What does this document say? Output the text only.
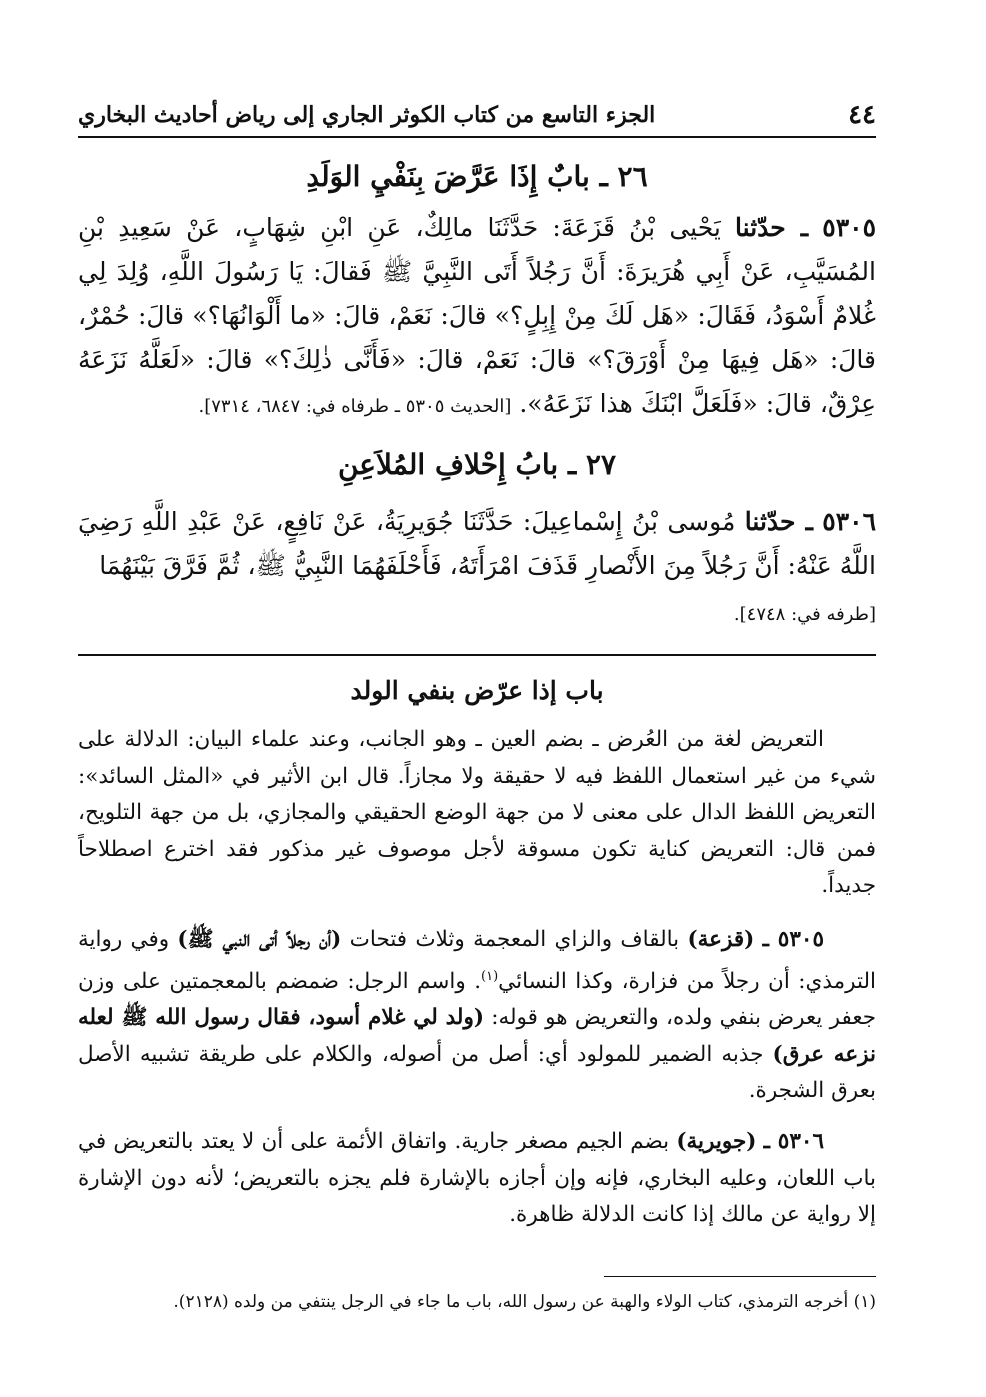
٤٤
الجزء التاسع من كتاب الكوثر الجاري إلى رياض أحاديث البخاري
٢٦ ـ بابٌ إِذَا عَرَّضَ بِنَفْيِ الوَلَدِ
٥٣٠٥ ـ حدّثنا يَحْيى بْنُ قَزَعَةَ: حَدَّثَنَا مالِكٌ، عَنِ ابْنِ شِهَابٍ، عَنْ سَعِيدِ بْنِ المُسَيَّبِ، عَنْ أَبِي هُرَيرَةَ: أَنَّ رَجُلاً أَتَى النَّبِيَّ ﷺ فَقالَ: يَا رَسُولَ اللَّهِ، وُلِدَ لِي غُلامٌ أَسْوَدُ، فَقَالَ: «هَل لَكَ مِنْ إِبِلٍ؟» قالَ: نَعَمْ، قالَ: «ما أَلْوَانُهَا؟» قالَ: حُمْرٌ، قالَ: «هَل فِيهَا مِنْ أَوْرَقَ؟» قالَ: نَعَمْ، قالَ: «فَأَنَّى ذٰلِكَ؟» قالَ: «لَعَلَّهُ نَزَعَهُ عِرْقٌ، قالَ: «فَلَعَلَّ ابْنَكَ هذا نَزَعَهُ». [الحديث ٥٣٠٥ ـ طرفاه في: ٦٨٤٧، ٧٣١٤].
٢٧ ـ بابُ إِحْلافِ المُلاَعِنِ
٥٣٠٦ ـ حدّثنا مُوسى بْنُ إِسْماعِيلَ: حَدَّثَنَا جُوَيرِيَةُ، عَنْ نَافِعٍ، عَنْ عَبْدِ اللَّهِ رَضِيَ اللَّهُ عَنْهُ: أَنَّ رَجُلاً مِنَ الأَنْصارِ قَذَفَ امْرَأَتَهُ، فَأَحْلَفَهُمَا النَّبِيُّ ﷺ، ثُمَّ فَرَّقَ بَيْنَهُمَا
[طرفه في: ٤٧٤٨].
باب إذا عرّض بنفي الولد
التعريض لغة من العُرض ـ بضم العين ـ وهو الجانب، وعند علماء البيان: الدلالة على شيء من غير استعمال اللفظ فيه لا حقيقة ولا مجازاً. قال ابن الأثير في «المثل السائد»: التعريض اللفظ الدال على معنى لا من جهة الوضع الحقيقي والمجازي، بل من جهة التلويح، فمن قال: التعريض كناية تكون مسوقة لأجل موصوف غير مذكور فقد اخترع اصطلاحاً جديداً.
٥٣٠٥ ـ (قزعة) بالقاف والزاي المعجمة وثلاث فتحات (أن رجلاً أتى النبي ﷺ) وفي رواية الترمذي: أن رجلاً من فزارة، وكذا النسائي$^{(١)}$. واسم الرجل: ضمضم بالمعجمتين على وزن جعفر يعرض بنفي ولده، والتعريض هو قوله: (ولد لي غلام أسود، فقال رسول الله ﷺ لعله نزعه عرق) جذبه الضمير للمولود أي: أصل من أصوله، والكلام على طريقة تشبيه الأصل بعرق الشجرة.
٥٣٠٦ ـ (جويرية) بضم الجيم مصغر جارية. واتفاق الأئمة على أن لا يعتد بالتعريض في باب اللعان، وعليه البخاري، فإنه وإن أجازه بالإشارة فلم يجزه بالتعريض؛ لأنه دون الإشارة إلا رواية عن مالك إذا كانت الدلالة ظاهرة.
(١) أخرجه الترمذي، كتاب الولاء والهبة عن رسول الله، باب ما جاء في الرجل ينتفي من ولده (٢١٢٨).
